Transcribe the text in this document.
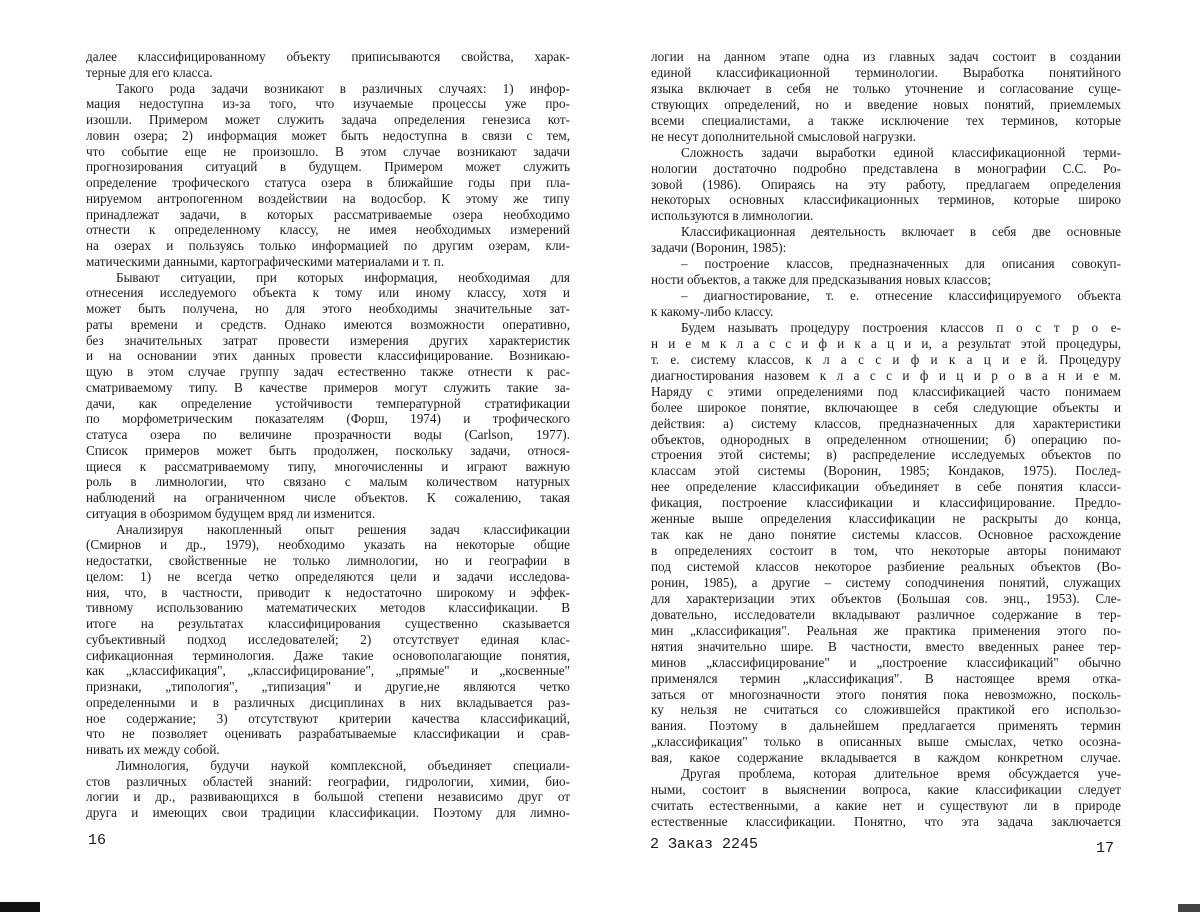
далее классифицированному объекту приписываются свойства, харак-
терные для его класса.
Такого рода задачи возникают в различных случаях: 1) инфор-
мация недоступна из-за того, что изучаемые процессы уже про-
изошли. Примером может служить задача определения генезиса кот-
ловин озера; 2) информация может быть недоступна в связи с тем,
что событие еще не произошло. В этом случае возникают задачи
прогнозирования ситуаций в будущем. Примером может служить
определение трофического статуса озера в ближайшие годы при пла-
нируемом антропогенном воздействии на водосбор. К этому же типу
принадлежат задачи, в которых рассматриваемые озера необходимо
отнести к определенному классу, не имея необходимых измерений
на озерах и пользуясь только информацией по другим озерам, кли-
матическими данными, картографическими материалами и т. п.
Бывают ситуации, при которых информация, необходимая для
отнесения исследуемого объекта к тому или иному классу, хотя и
может быть получена, но для этого необходимы значительные зат-
раты времени и средств. Однако имеются возможности оперативно,
без значительных затрат провести измерения других характеристик
и на основании этих данных провести классифицирование. Возникаю-
щую в этом случае группу задач естественно также отнести к рас-
сматриваемому типу. В качестве примеров могут служить такие за-
дачи, как определение устойчивости температурной стратификации
по морфометрическим показателям (Форш, 1974) и трофического
статуса озера по величине прозрачности воды (Carlson, 1977).
Список примеров может быть продолжен, поскольку задачи, относя-
щиеся к рассматриваемому типу, многочисленны и играют важную
роль в лимнологии, что связано с малым количеством натурных
наблюдений на ограниченном числе объектов. К сожалению, такая
ситуация в обозримом будущем вряд ли изменится.
Анализируя накопленный опыт решения задач классификации
(Смирнов и др., 1979), необходимо указать на некоторые общие
недостатки, свойственные не только лимнологии, но и географии в
целом: 1) не всегда четко определяются цели и задачи исследова-
ния, что, в частности, приводит к недостаточно широкому и эффек-
тивному использованию математических методов классификации. В
итоге на результатах классифицирования существенно сказывается
субъективный подход исследователей; 2) отсутствует единая клас-
сификационная терминология. Даже такие основополагающие понятия,
как „классификация", „классифицирование", „прямые" и „косвенные"
признаки, „типология", „типизация" и другие,не являются четко
определенными и в различных дисциплинах в них вкладывается раз-
ное содержание; 3) отсутствуют критерии качества классификаций,
что не позволяет оценивать разрабатываемые классификации и срав-
нивать их между собой.
Лимнология, будучи наукой комплексной, объединяет специали-
стов различных областей знаний: географии, гидрологии, химии, био-
логии и др., развивающихся в большой степени независимо друг от
друга и имеющих свои традиции классификации. Поэтому для лимно-
логии на данном этапе одна из главных задач состоит в создании
единой классификационной терминологии. Выработка понятийного
языка включает в себя не только уточнение и согласование суще-
ствующих определений, но и введение новых понятий, приемлемых
всеми специалистами, а также исключение тех терминов, которые
не несут дополнительной смысловой нагрузки.
Сложность задачи выработки единой классификационной терми-
нологии достаточно подробно представлена в монографии С.С. Ро-
зовой (1986). Опираясь на эту работу, предлагаем определения
некоторых основных классификационных терминов, которые широко
используются в лимнологии.
Классификационная деятельность включает в себя две основные
задачи (Воронин, 1985):
– построение классов, предназначенных для описания совокуп-
ности объектов, а также для предсказывания новых классов;
– диагностирование, т. е. отнесение классифицируемого объекта
к какому-либо классу.
Будем называть процедуру построения классов п о с т р о е-
н и е м к л а с с и ф и к а ц и и, а результат этой процедуры,
т. е. систему классов, к л а с с и ф и к а ц и е й. Процедуру
диагностирования назовем к л а с с и ф и ц и р о в а н и е м.
Наряду с этими определениями под классификацией часто понимаем
более широкое понятие, включающее в себя следующие объекты и
действия: а) систему классов, предназначенных для характеристики
объектов, однородных в определенном отношении; б) операцию по-
строения этой системы; в) распределение исследуемых объектов по
классам этой системы (Воронин, 1985; Кондаков, 1975). Послед-
нее определение классификации объединяет в себе понятия класси-
фикация, построение классификации и классифицирование. Предло-
женные выше определения классификации не раскрыты до конца,
так как не дано понятие системы классов. Основное расхождение
в определениях состоит в том, что некоторые авторы понимают
под системой классов некоторое разбиение реальных объектов (Во-
ронин, 1985), а другие – систему соподчинения понятий, служащих
для характеризации этих объектов (Большая сов. энц., 1953). Сле-
довательно, исследователи вкладывают различное содержание в тер-
мин „классификация". Реальная же практика применения этого по-
нятия значительно шире. В частности, вместо введенных ранее тер-
минов „классифицирование" и „построение классификаций" обычно
применялся термин „классификация". В настоящее время отка-
заться от многозначности этого понятия пока невозможно, посколь-
ку нельзя не считаться со сложившейся практикой его использо-
вания. Поэтому в дальнейшем предлагается применять термин
„классификация" только в описанных выше смыслах, четко осозна-
вая, какое содержание вкладывается в каждом конкретном случае.
Другая проблема, которая длительное время обсуждается уче-
ными, состоит в выяснении вопроса, какие классификации следует
считать естественными, а какие нет и существуют ли в природе
естественные классификации. Понятно, что эта задача заключается
16	2 Заказ 2245	17
